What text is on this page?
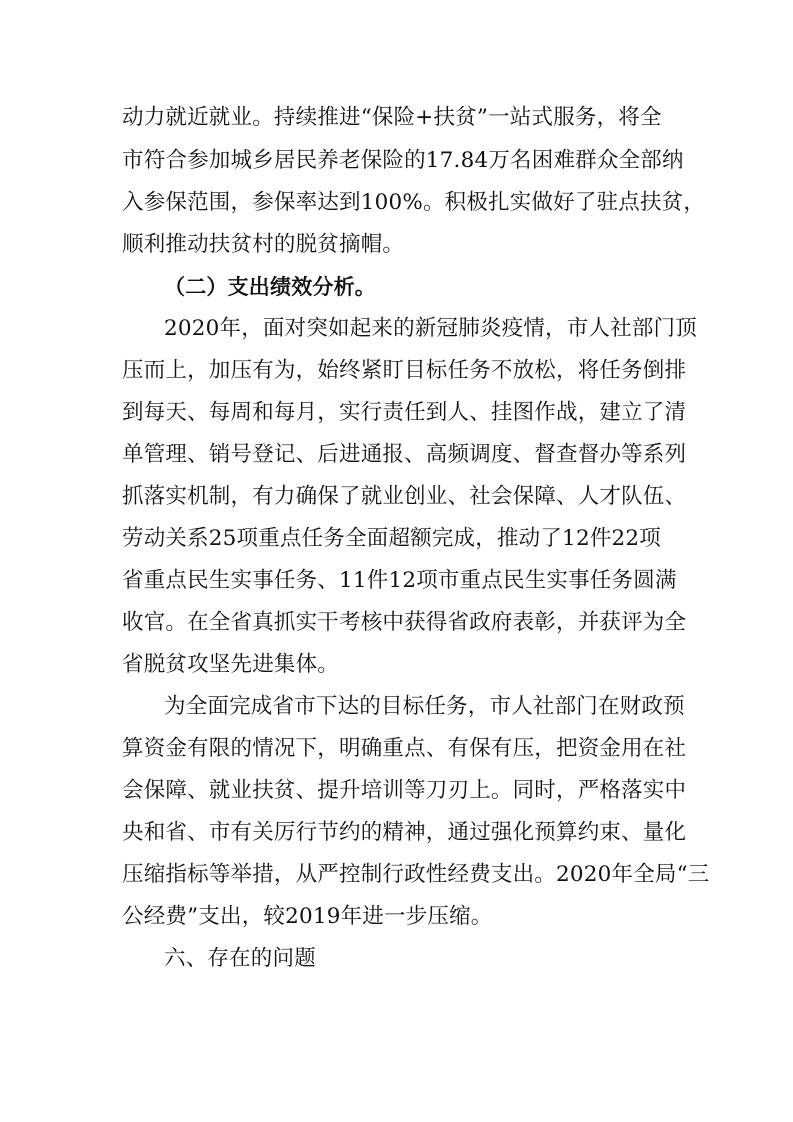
动力就近就业。持续推进“保险+扶贫”一站式服务，将全
市符合参加城乡居民养老保险的17.84万名困难群众全部纳
入参保范围，参保率达到100%。积极扎实做好了驻点扶贫，
顺利推动扶贫村的脱贫摘帽。
（二）支出绩效分析。
2020年，面对突如起来的新冠肺炎疫情，市人社部门顶
压而上，加压有为，始终紧盯目标任务不放松，将任务倒排
到每天、每周和每月，实行责任到人、挂图作战，建立了清
单管理、销号登记、后进通报、高频调度、督查督办等系列
抓落实机制，有力确保了就业创业、社会保障、人才队伍、
劳动关系25项重点任务全面超额完成，推动了12件22项
省重点民生实事任务、11件12项市重点民生实事任务圆满
收官。在全省真抓实干考核中获得省政府表彰，并获评为全
省脱贫攻坚先进集体。
为全面完成省市下达的目标任务，市人社部门在财政预
算资金有限的情况下，明确重点、有保有压，把资金用在社
会保障、就业扶贫、提升培训等刀刃上。同时，严格落实中
央和省、市有关厉行节约的精神，通过强化预算约束、量化
压缩指标等举措，从严控制行政性经费支出。2020年全局“三
公经费”支出，较2019年进一步压缩。
六、存在的问题
